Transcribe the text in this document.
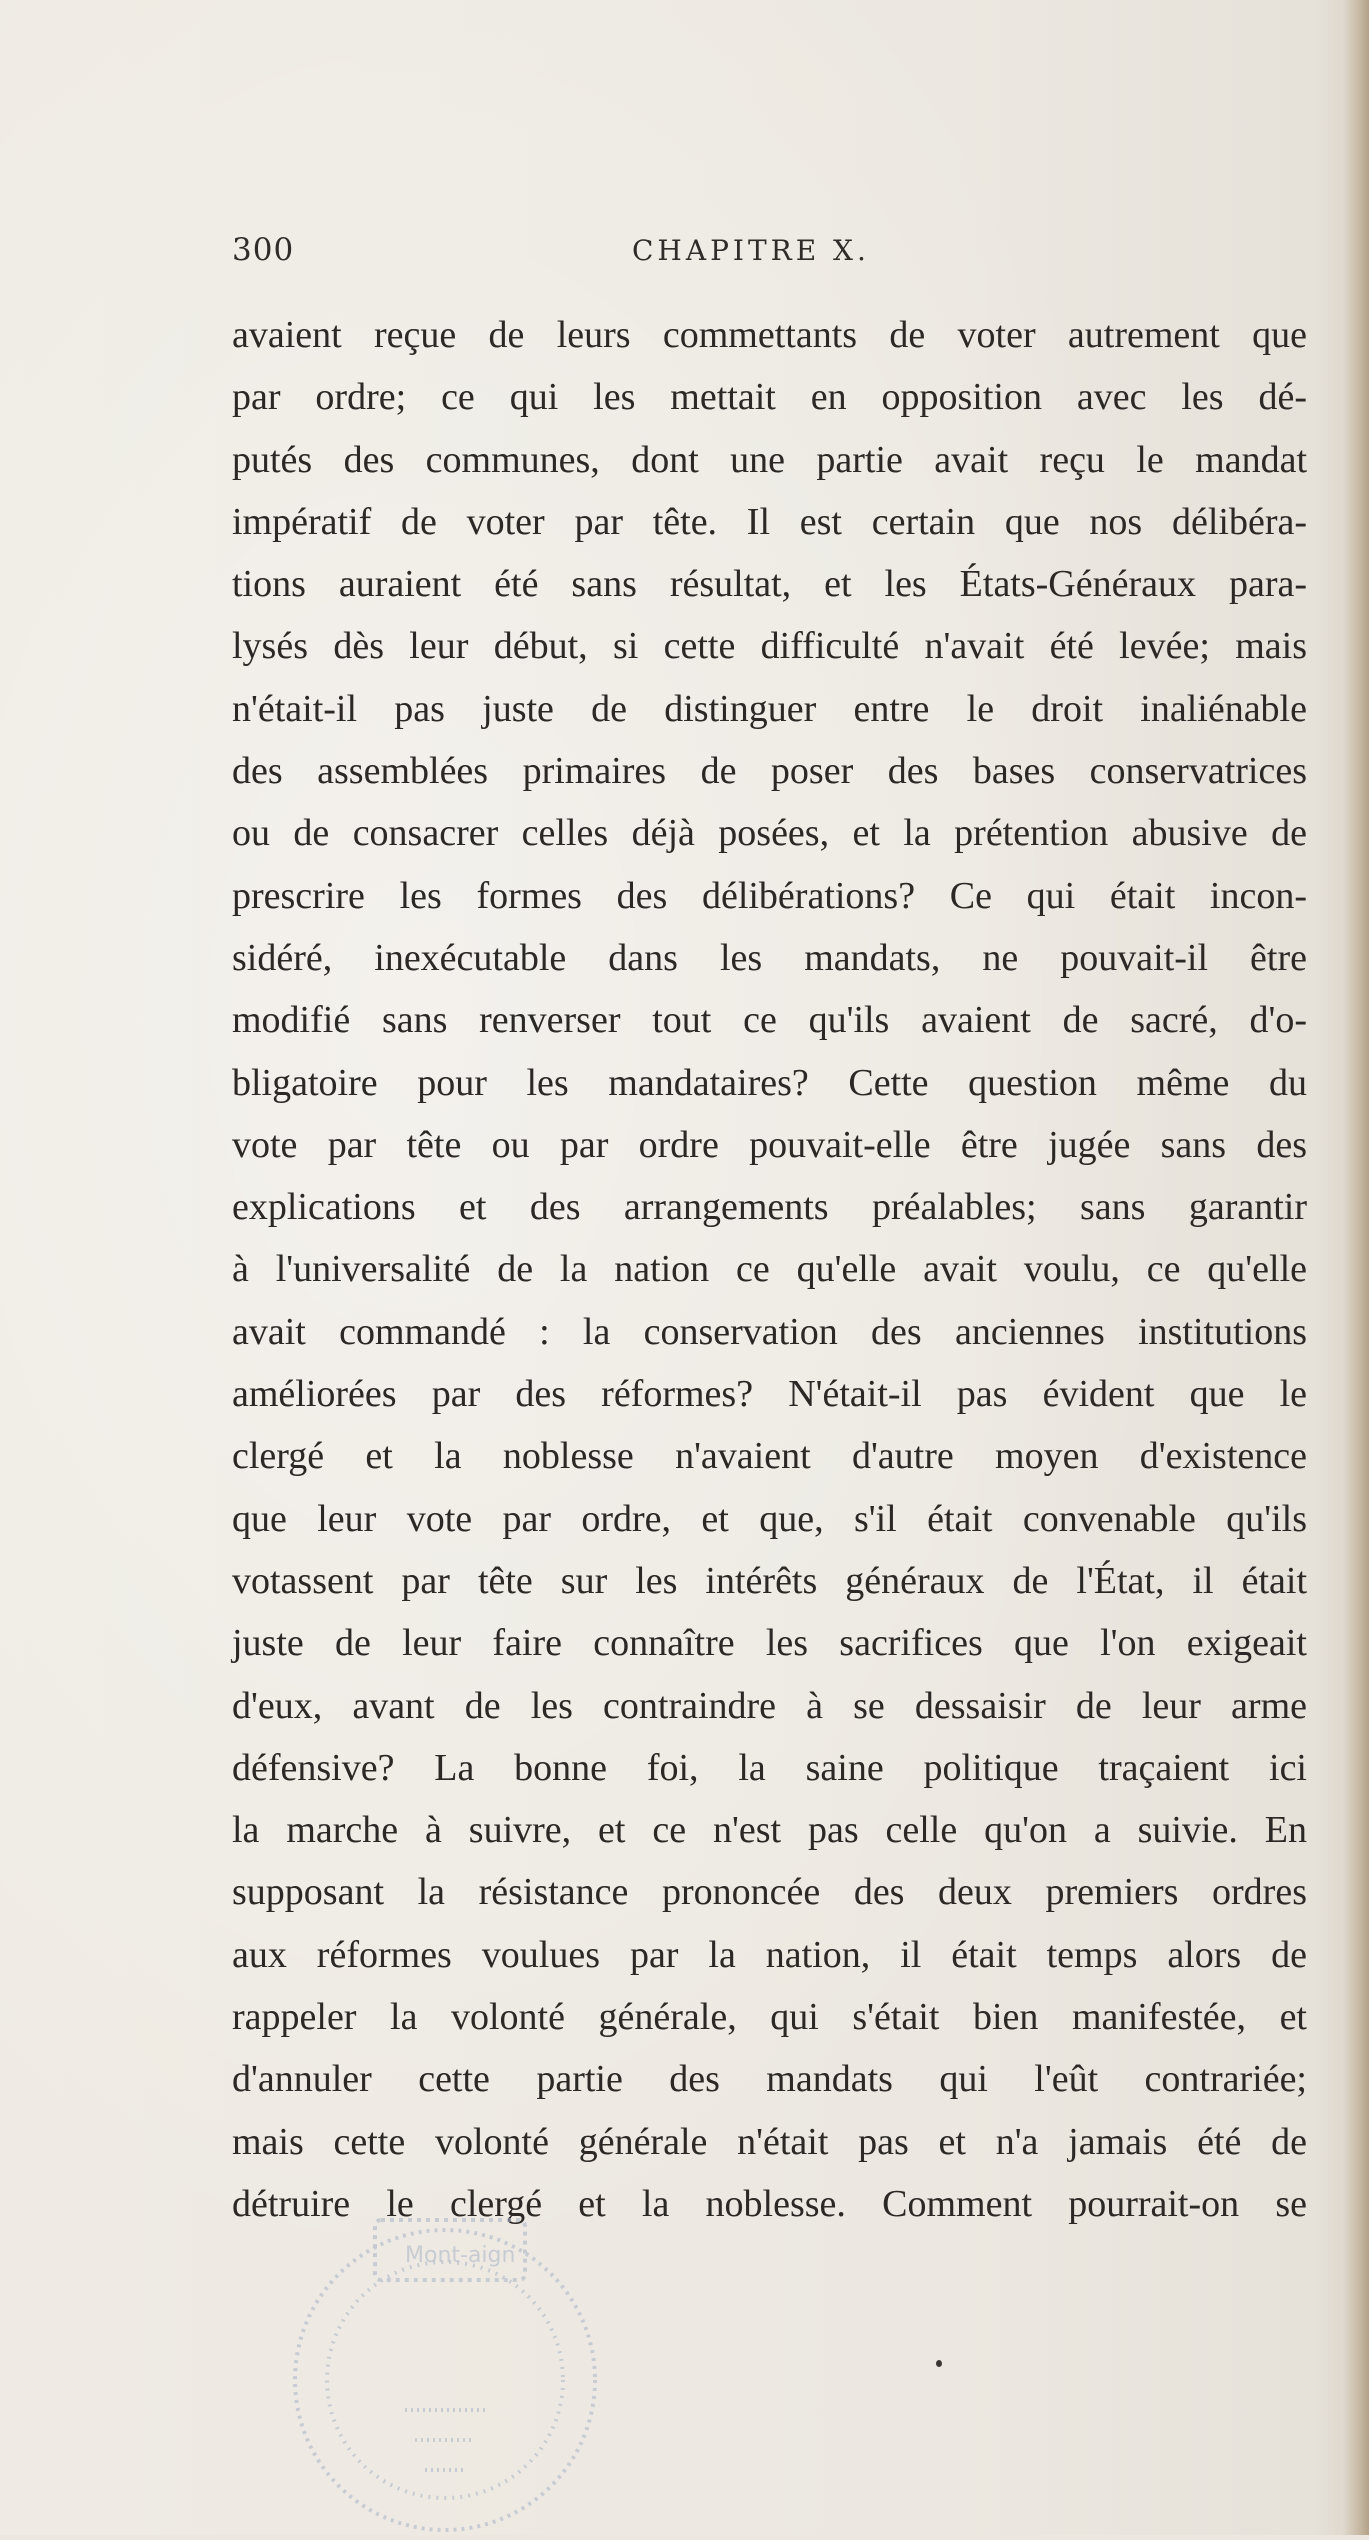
300	CHAPITRE X.
avaient reçue de leurs commettants de voter autrement que
par ordre; ce qui les mettait en opposition avec les dé-
putés des communes, dont une partie avait reçu le mandat
impératif de voter par tête. Il est certain que nos délibéra-
tions auraient été sans résultat, et les États-Généraux para-
lysés dès leur début, si cette difficulté n'avait été levée; mais
n'était-il pas juste de distinguer entre le droit inaliénable
des assemblées primaires de poser des bases conservatrices
ou de consacrer celles déjà posées, et la prétention abusive de
prescrire les formes des délibérations? Ce qui était incon-
sidéré, inexécutable dans les mandats, ne pouvait-il être
modifié sans renverser tout ce qu'ils avaient de sacré, d'o-
bligatoire pour les mandataires? Cette question même du
vote par tête ou par ordre pouvait-elle être jugée sans des
explications et des arrangements préalables; sans garantir
à l'universalité de la nation ce qu'elle avait voulu, ce qu'elle
avait commandé : la conservation des anciennes institutions
améliorées par des réformes? N'était-il pas évident que le
clergé et la noblesse n'avaient d'autre moyen d'existence
que leur vote par ordre, et que, s'il était convenable qu'ils
votassent par tête sur les intérêts généraux de l'État, il était
juste de leur faire connaître les sacrifices que l'on exigeait
d'eux, avant de les contraindre à se dessaisir de leur arme
défensive? La bonne foi, la saine politique traçaient ici
la marche à suivre, et ce n'est pas celle qu'on a suivie. En
supposant la résistance prononcée des deux premiers ordres
aux réformes voulues par la nation, il était temps alors de
rappeler la volonté générale, qui s'était bien manifestée, et
d'annuler cette partie des mandats qui l'eût contrariée;
mais cette volonté générale n'était pas et n'a jamais été de
détruire le clergé et la noblesse. Comment pourrait-on se
Mont-aign
